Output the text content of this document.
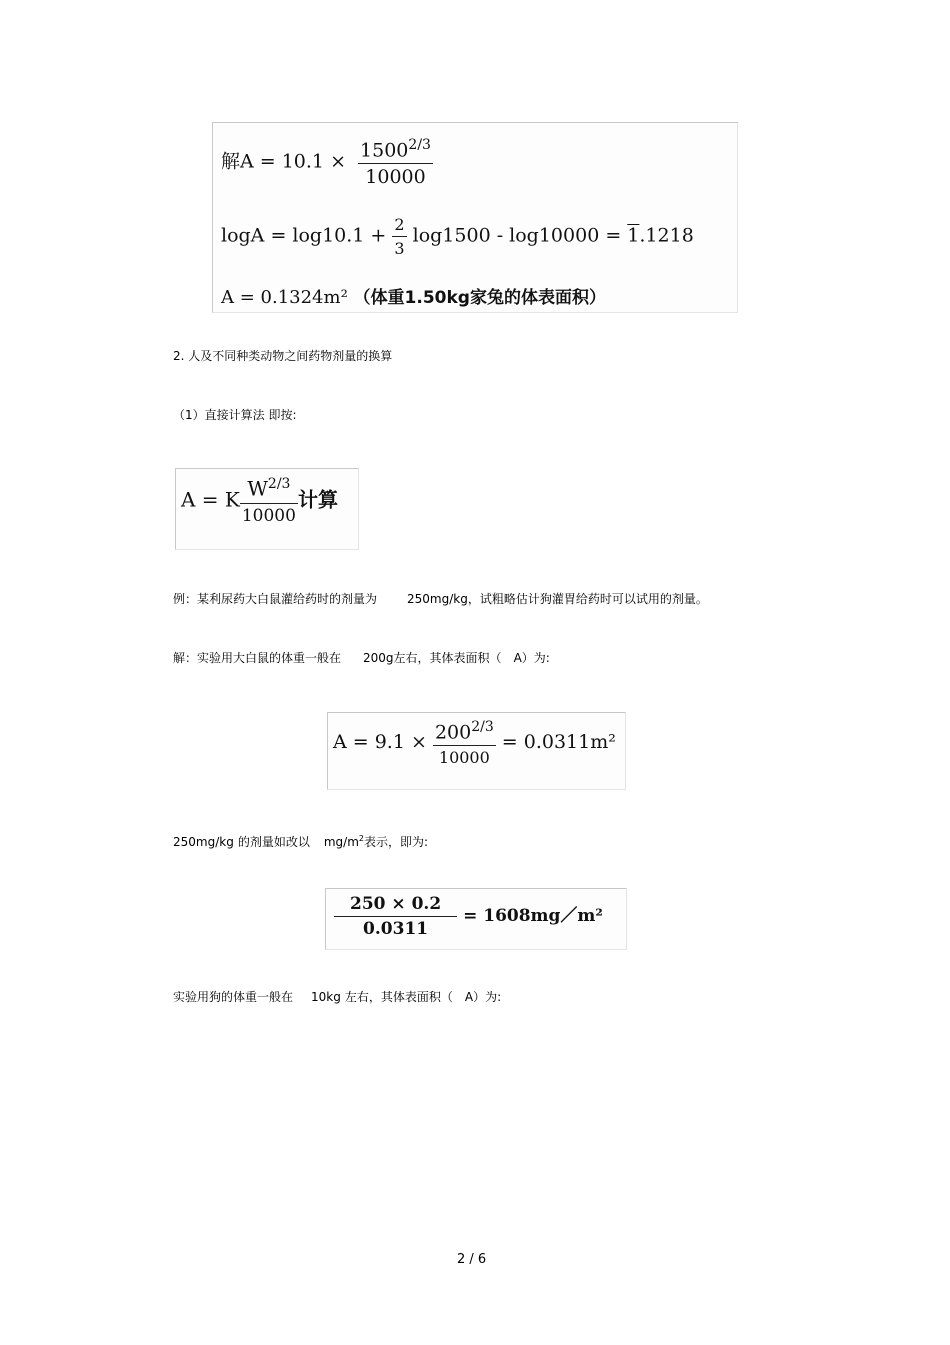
解$A = 10.1 \times \frac{1500^{2/3}}{10000}$
$\log A = \log 10.1 + \frac{2}{3} \log 1500 - \log 10000 = 1.1218$
A = 0.1324m² （体重1.50kg家兔的体表面积）
2. 人及不同种类动物之间药物剂量的换算
（1）直接计算法 即按:
A = K $\frac{W^{2/3}}{10000}$ 计算
例：某利尿药大白鼠灌给药时的剂量为	250mg/kg，试粗略估计狗灌胃给药时可以试用的剂量。
解：实验用大白鼠的体重一般在 200g左右，其体表面积（ A）为:
$A = 9.1 \times \frac{200^{2/3}}{10000} = 0.0311m^2$
250mg/kg 的剂量如改以 $mg/m^2$表示，即为:
$\frac{250 \times 0.2}{0.0311}$ = 1608mg／m²
实验用狗的体重一般在 10kg 左右，其体表面积（ A）为:
2 / 6
